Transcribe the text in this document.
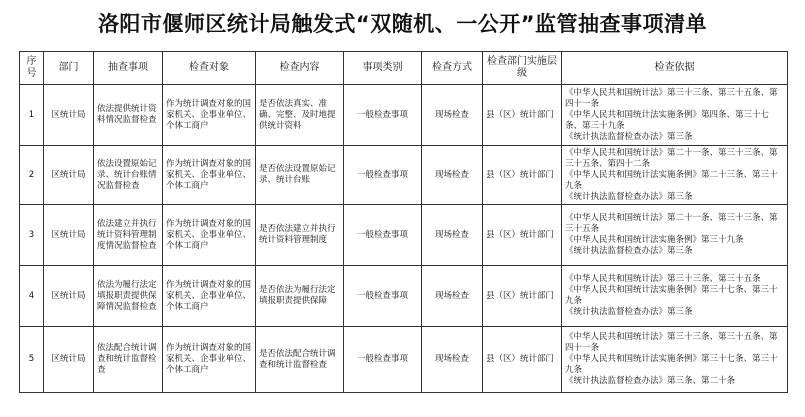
洛阳市偃师区统计局触发式“双随机、一公开”监管抽查事项清单
序号	部门	抽查事项	检查对象	检查内容	事项类别	检查方式	检查部门实施层级	检查依据
1	区统计局	依法提供统计资料情况监督检查	作为统计调查对象的国家机关、企事业单位、个体工商户	是否依法真实、准确、完整、及时地提供统计资料	一般检查事项	现场检查	县（区）统计部门	《中华人民共和国统计法》第三十三条、第三十五条、第四十一条
《中华人民共和国统计法实施条例》第四条、第三十七条、第三十九条
《统计执法监督检查办法》第三条

2	区统计局	依法设置原始记录、统计台账情况监督检查	作为统计调查对象的国家机关、企事业单位、个体工商户	是否依法设置原始记录、统计台账	一般检查事项	现场检查	县（区）统计部门	《中华人民共和国统计法》第二十一条、第三十三条、第三十五条、第四十二条
《中华人民共和国统计法实施条例》第二十三条、第三十九条
《统计执法监督检查办法》第三条

3	区统计局	依法建立并执行统计资料管理制度情况监督检查	作为统计调查对象的国家机关、企事业单位、个体工商户	是否依法建立并执行统计资料管理制度	一般检查事项	现场检查	县（区）统计部门	《中华人民共和国统计法》第二十一条、第三十三条、第三十五条
《中华人民共和国统计法实施条例》第三十九条
《统计执法监督检查办法》第三条

4	区统计局	依法为履行法定填报职责提供保障情况监督检查	作为统计调查对象的国家机关、企事业单位、个体工商户	是否依法为履行法定填报职责提供保障	一般检查事项	现场检查	县（区）统计部门	《中华人民共和国统计法》第三十三条、第三十五条
《中华人民共和国统计法实施条例》第三十七条、第三十九条
《统计执法监督检查办法》第三条

5	区统计局	依法配合统计调查和统计监督检查	作为统计调查对象的国家机关、企事业单位、个体工商户	是否依法配合统计调查和统计监督检查	一般检查事项	现场检查	县（区）统计部门	《中华人民共和国统计法》第三十三条、第三十五条、第四十一条
《中华人民共和国统计法实施条例》第三十七条、第三十九条
《统计执法监督检查办法》第三条、第二十条
